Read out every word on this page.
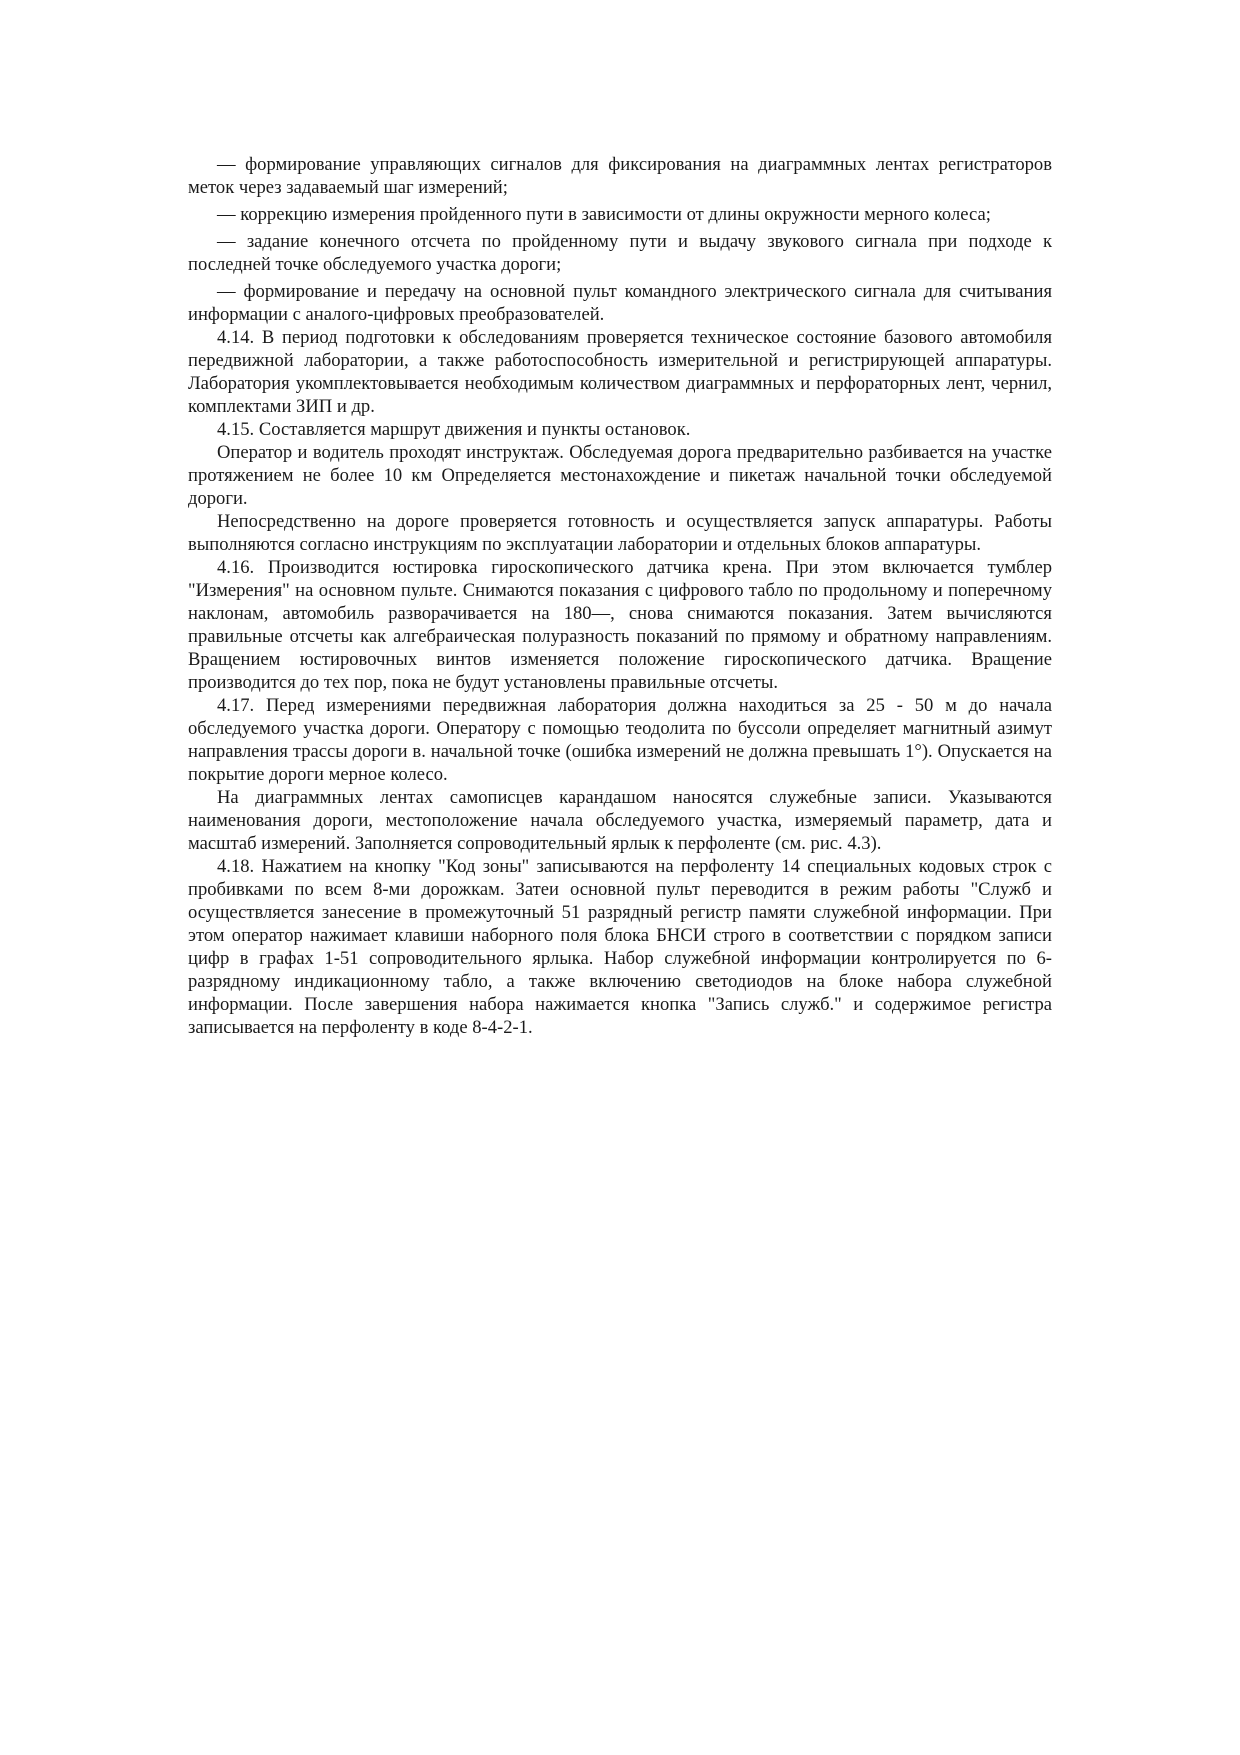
— формирование управляющих сигналов для фиксирования на диаграммных лентах регистраторов меток через задаваемый шаг измерений;

— коррекцию измерения пройденного пути в зависимости от длины окружности мерного колеса;

— задание конечного отсчета по пройденному пути и выдачу звукового сигнала при подходе к последней точке обследуемого участка дороги;

— формирование и передачу на основной пульт командного электрического сигнала для считывания информации с аналого-цифровых преобразователей.

4.14. В период подготовки к обследованиям проверяется техническое состояние базового автомобиля передвижной лаборатории, а также работоспособность измерительной и регистрирующей аппаратуры. Лаборатория укомплектовывается необходимым количеством диаграммных и перфораторных лент, чернил, комплектами ЗИП и др.

4.15. Составляется маршрут движения и пункты остановок.

Оператор и водитель проходят инструктаж. Обследуемая дорога предварительно разбивается на участке протяжением не более 10 км Определяется местонахождение и пикетаж начальной точки обследуемой дороги.

Непосредственно на дороге проверяется готовность и осуществляется запуск аппаратуры. Работы выполняются согласно инструкциям по эксплуатации лаборатории и отдельных блоков аппаратуры.

4.16. Производится юстировка гироскопического датчика крена. При этом включается тумблер "Измерения" на основном пульте. Снимаются показания с цифрового табло по продольному и поперечному наклонам, автомобиль разворачивается на 180—, снова снимаются показания. Затем вычисляются правильные отсчеты как алгебраическая полуразность показаний по прямому и обратному направлениям. Вращением юстировочных винтов изменяется положение гироскопического датчика. Вращение производится до тех пор, пока не будут установлены правильные отсчеты.

4.17. Перед измерениями передвижная лаборатория должна находиться за 25 - 50 м до начала обследуемого участка дороги. Оператору с помощью теодолита по буссоли определяет магнитный азимут направления трассы дороги в. начальной точке (ошибка измерений не должна превышать 1°). Опускается на покрытие дороги мерное колесо.

На диаграммных лентах самописцев карандашом наносятся служебные записи. Указываются наименования дороги, местоположение начала обследуемого участка, измеряемый параметр, дата и масштаб измерений. Заполняется сопроводительный ярлык к перфоленте (см. рис. 4.3).

4.18. Нажатием на кнопку "Код зоны" записываются на перфоленту 14 специальных кодовых строк с пробивками по всем 8-ми дорожкам. Затеи основной пульт переводится в режим работы "Служб и осуществляется занесение в промежуточный 51 разрядный регистр памяти служебной информации. При этом оператор нажимает клавиши наборного поля блока БНСИ строго в соответствии с порядком записи цифр в графах 1-51 сопроводительного ярлыка. Набор служебной информации контролируется по 6-разрядному индикационному табло, а также включению светодиодов на блоке набора служебной информации. После завершения набора нажимается кнопка "Запись служб." и содержимое регистра записывается на перфоленту в коде 8-4-2-1.
